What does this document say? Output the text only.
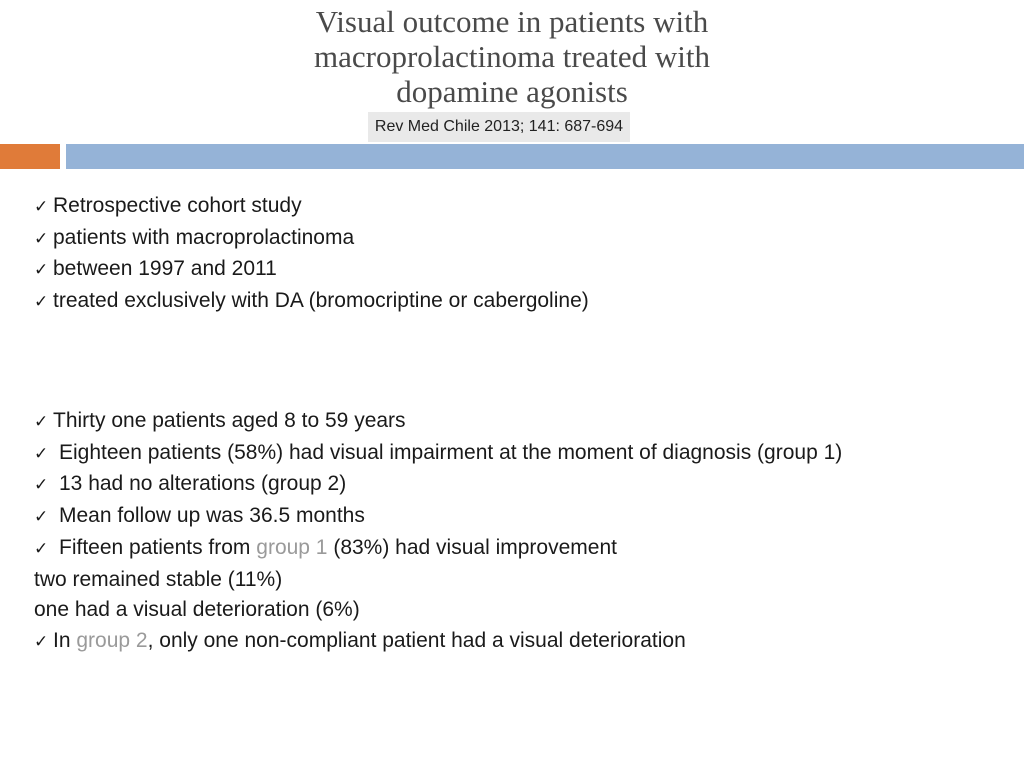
Visual outcome in patients with
macroprolactinoma treated with
dopamine agonists
Rev Med Chile 2013; 141: 687-694
✓ Retrospective cohort study
✓ patients with macroprolactinoma
✓ between 1997 and 2011
✓ treated exclusively with DA (bromocriptine or cabergoline)
✓ Thirty one patients aged 8 to 59 years
✓ Eighteen patients (58%) had visual impairment at the moment of diagnosis (group 1)
✓ 13 had no alterations (group 2)
✓ Mean follow up was 36.5 months
✓ Fifteen patients from group 1 (83%) had visual improvement
two remained stable (11%)
one had a visual deterioration (6%)
✓ In group 2, only one non-compliant patient had a visual deterioration
